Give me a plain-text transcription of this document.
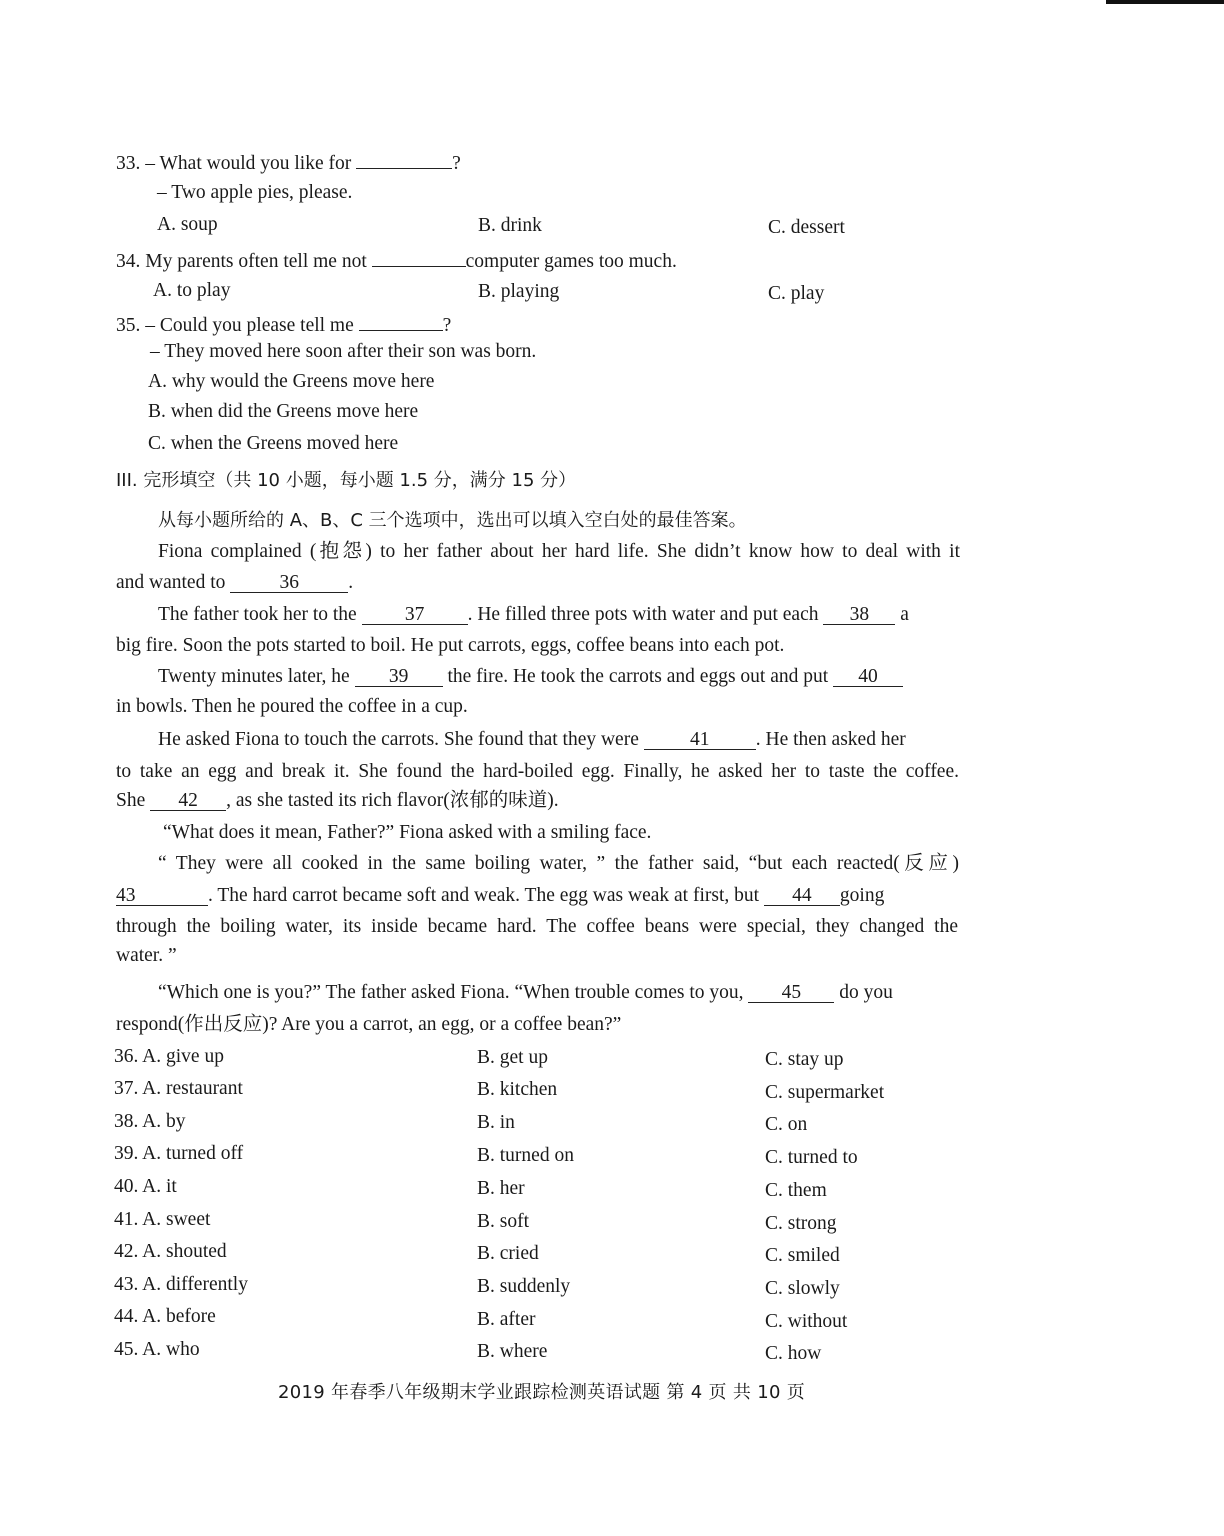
33. – What would you like for	?
– Two apple pies, please.
A. soup	B. drink	C. dessert
34. My parents often tell me not	computer games too much.
A. to play	B. playing	C. play
35. – Could you please tell me	?
– They moved here soon after their son was born.
A. why would the Greens move here
B. when did the Greens move here
C. when the Greens moved here
III. 完形填空（共 10 小题，每小题 1.5 分，满分 15 分）
从每小题所给的 A、B、C 三个选项中，选出可以填入空白处的最佳答案。
Fiona complained (抱怨) to her father about her hard life. She didn’t know how to deal with it
and wanted to	36	.
The father took her to the 37 . He filled three pots with water and put each 38 a
big fire. Soon the pots started to boil. He put carrots, eggs, coffee beans into each pot.
Twenty minutes later, he 39 the fire. He took the carrots and eggs out and put 40
in bowls. Then he poured the coffee in a cup.
He asked Fiona to touch the carrots. She found that they were 41 . He then asked her
to take an egg and break it. She found the hard-boiled egg. Finally, he asked her to taste the coffee.
She 42 , as she tasted its rich flavor(浓郁的味道).
“What does it mean, Father?” Fiona asked with a smiling face.
“ They were all cooked in the same boiling water, ” the father said, “but each reacted(反应)
43	. The hard carrot became soft and weak. The egg was weak at first, but 44 going
through the boiling water, its inside became hard. The coffee beans were special, they changed the
water. ”
“Which one is you?” The father asked Fiona. “When trouble comes to you, 45 do you
respond(作出反应)? Are you a carrot, an egg, or a coffee bean?”
36. A. give up	B. get up	C. stay up
37. A. restaurant	B. kitchen	C. supermarket
38. A. by	B. in	C. on
39. A. turned off	B. turned on	C. turned to
40. A. it	B. her	C. them
41. A. sweet	B. soft	C. strong
42. A. shouted	B. cried	C. smiled
43. A. differently	B. suddenly	C. slowly
44. A. before	B. after	C. without
45. A. who	B. where	C. how
2019 年春季八年级期末学业跟踪检测英语试题 第 4 页 共 10 页
